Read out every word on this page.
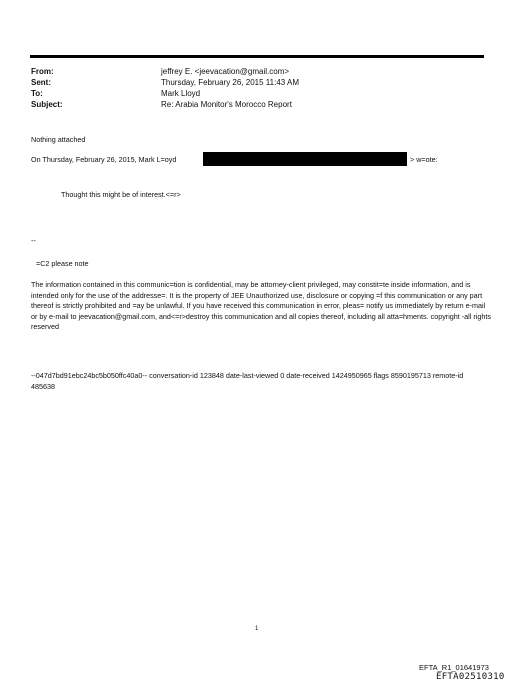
From:	jeffrey E. <jeevacation@gmail.com>
Sent:	Thursday, February 26, 2015 11:43 AM
To:	Mark Lloyd
Subject:	Re: Arabia Monitor's Morocco Report
Nothing attached
On Thursday, February 26, 2015, Mark L=oyd	> w=ote:
Thought this might be of interest.<=r>
--
=C2 please note
The information contained in this communic=tion is confidential, may be attorney-client privileged, may constit=te inside information, and is intended only for the use of the addresse=. It is the property of JEE Unauthorized use, disclosure or copying =f this communication or any part thereof is strictly prohibited and =ay be unlawful. If you have received this communication in error, pleas= notify us immediately by return e-mail or by e-mail to jeevacation@gmail.com, and<=r>destroy this communication and all copies thereof, including all atta=hments. copyright -all rights reserved
--047d7bd91ebc24bc5b050ffc40a0-- conversation-id 123848 date-last-viewed 0 date-received 1424950965 flags 8590195713 remote-id 485638
1
EFTA_R1_01641973
EFTA02510310
